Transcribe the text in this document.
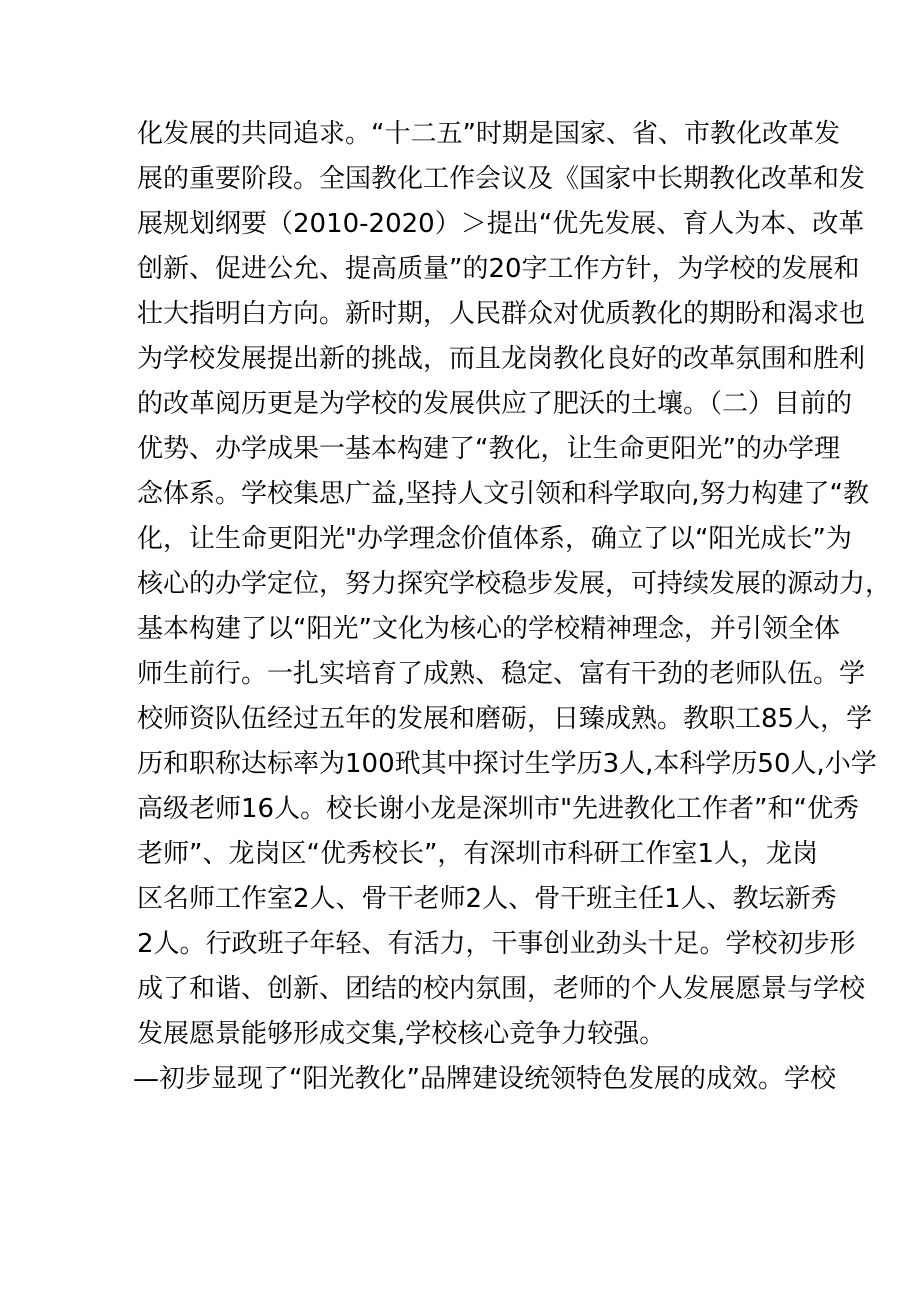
化发展的共同追求。“十二五”时期是国家、省、市教化改革发
展的重要阶段。全国教化工作会议及《国家中长期教化改革和发
展规划纲要（2010-2020）＞提出“优先发展、育人为本、改革
创新、促进公允、提高质量”的20字工作方针，为学校的发展和
壮大指明白方向。新时期，人民群众对优质教化的期盼和渴求也
为学校发展提出新的挑战，而且龙岗教化良好的改革氛围和胜利
的改革阅历更是为学校的发展供应了肥沃的土壤。（二）目前的
优势、办学成果一基本构建了“教化，让生命更阳光”的办学理
念体系。学校集思广益,坚持人文引领和科学取向,努力构建了“教
化，让生命更阳光"办学理念价值体系，确立了以“阳光成长”为
核心的办学定位，努力探究学校稳步发展，可持续发展的源动力，
基本构建了以“阳光”文化为核心的学校精神理念，并引领全体
师生前行。一扎实培育了成熟、稳定、富有干劲的老师队伍。学
校师资队伍经过五年的发展和磨砺，日臻成熟。教职工85人，学
历和职称达标率为100玳其中探讨生学历3人,本科学历50人,小学
高级老师16人。校长谢小龙是深圳市"先进教化工作者”和“优秀
老师”、龙岗区“优秀校长”，有深圳市科研工作室1人，龙岗
区名师工作室2人、骨干老师2人、骨干班主任1人、教坛新秀
2人。行政班子年轻、有活力，干事创业劲头十足。学校初步形
成了和谐、创新、团结的校内氛围，老师的个人发展愿景与学校
发展愿景能够形成交集,学校核心竞争力较强。
—初步显现了“阳光教化”品牌建设统领特色发展的成效。学校
